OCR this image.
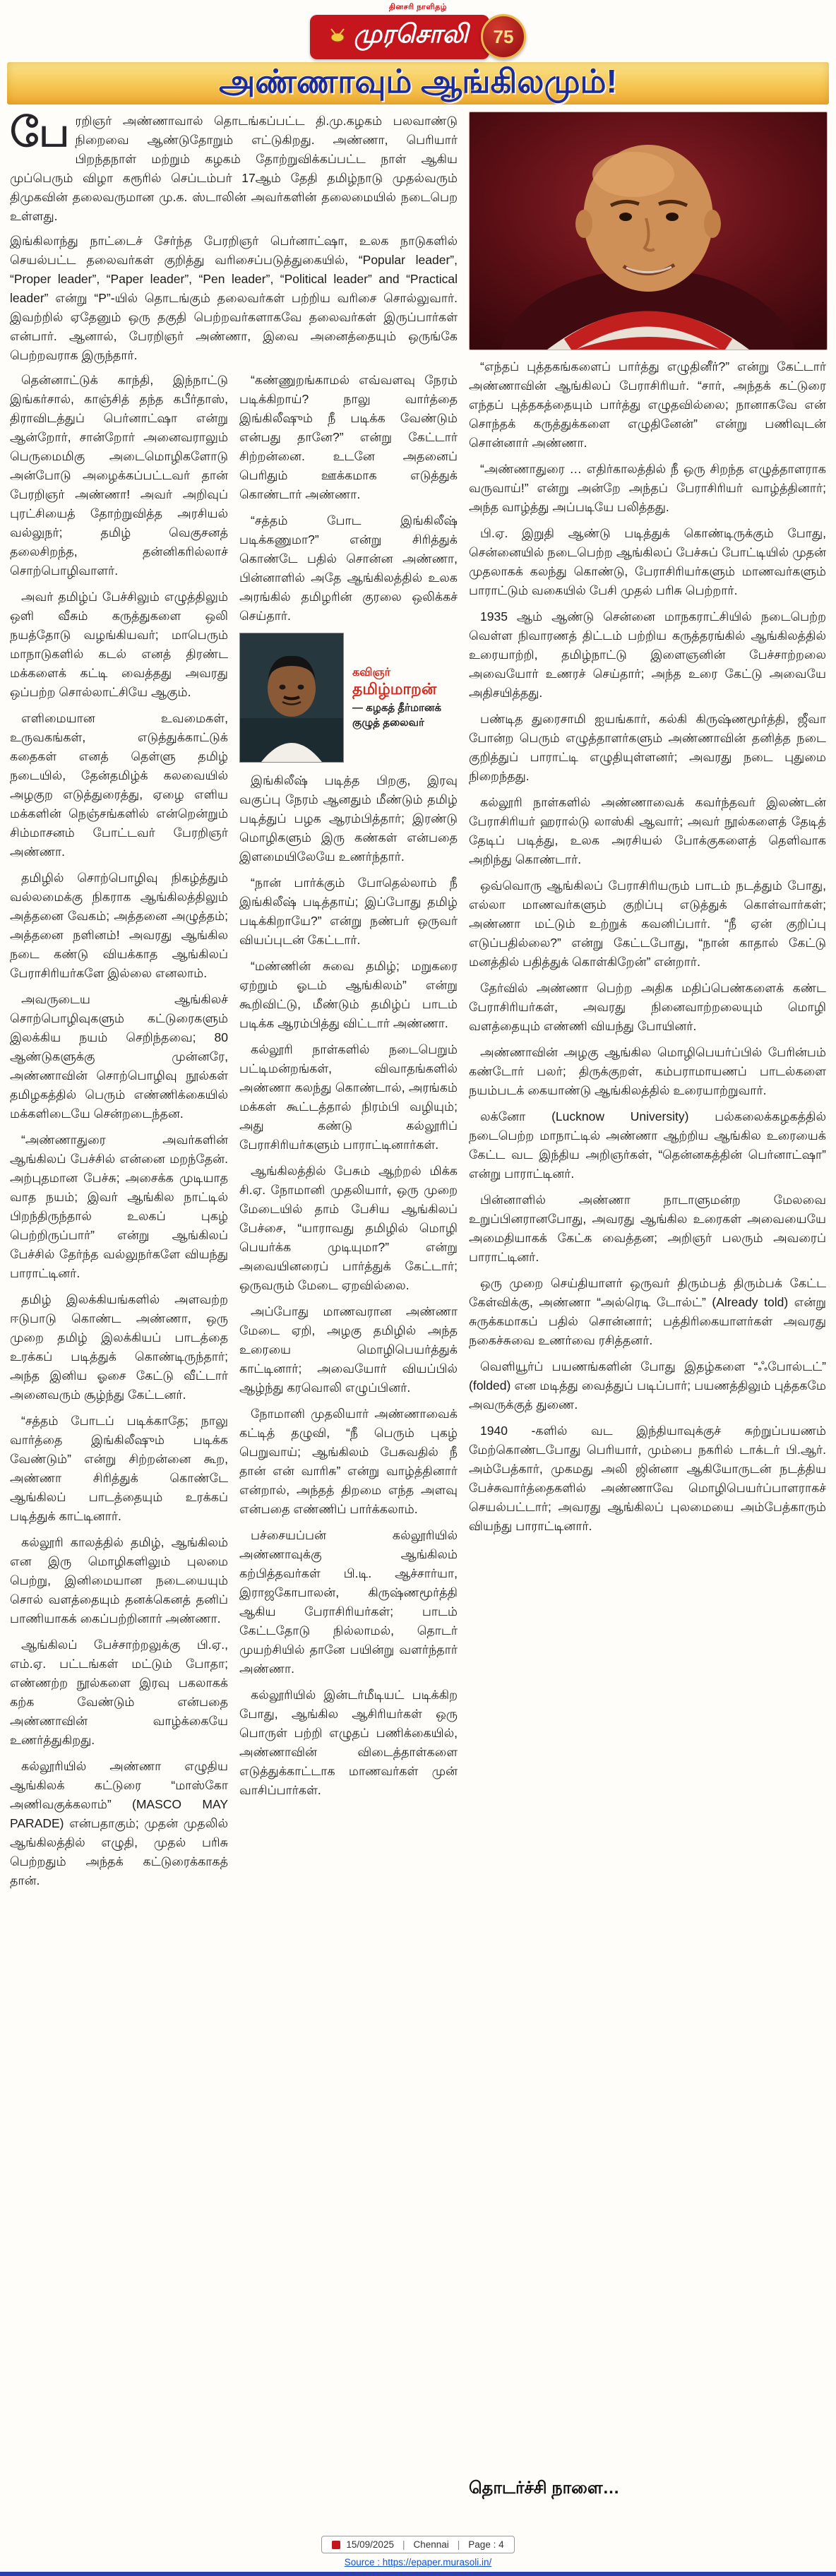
தினசரி நாளிதழ்
முரசொலி	75
அண்ணாவும் ஆங்கிலமும்!

பேரறிஞர் அண்ணாவால் தொடங்கப்பட்ட தி.மு.கழகம் பலவாண்டு நிறைவை ஆண்டுதோறும் எட்டுகிறது. அண்ணா, பெரியார் பிறந்தநாள் மற்றும் கழகம் தோற்றுவிக்கப்பட்ட நாள் ஆகிய முப்பெரும் விழா கரூரில் செப்டம்பர் 17ஆம் தேதி தமிழ்நாடு முதல்வரும் திமுகவின் தலைவருமான மு.க. ஸ்டாலின் அவர்களின் தலைமையில் நடைபெற உள்ளது.

இங்கிலாந்து நாட்டைச் சேர்ந்த பேரறிஞர் பெர்னாட்ஷா, உலக நாடுகளில் செயல்பட்ட தலைவர்கள் குறித்து வரிசைப்படுத்துகையில், “Popular leader”, “Proper leader”, “Paper leader”, “Pen leader”, “Political leader” and “Practical leader” என்று “P”-யில் தொடங்கும் தலைவர்கள் பற்றிய வரிசை சொல்லுவார். இவற்றில் ஏதேனும் ஒரு தகுதி பெற்றவர்களாகவே தலைவர்கள் இருப்பார்கள் என்பார். ஆனால், பேரறிஞர் அண்ணா, இவை அனைத்தையும் ஒருங்கே பெற்றவராக இருந்தார்.

தென்னாட்டுக் காந்தி, இந்நாட்டு இங்கர்சால், காஞ்சித் தந்த கபீர்தாஸ், திராவிடத்துப் பெர்னாட்ஷா என்று ஆன்றோர், சான்றோர் அனைவராலும் பெருமைமிகு அடைமொழிகளோடு அன்போடு அழைக்கப்பட்டவர் தான் பேரறிஞர் அண்ணா! அவர் அறிவுப் புரட்சியைத் தோற்றுவித்த அரசியல் வல்லுநர்; தமிழ் வெகுசனத் தலைசிறந்த, தன்னிகரில்லாச் சொற்பொழிவாளர்.

அவர் தமிழ்ப் பேச்சிலும் எழுத்திலும் ஒளி வீசும் கருத்துகளை ஒலி நயத்தோடு வழங்கியவர்; மாபெரும் மாநாடுகளில் கடல் எனத் திரண்ட மக்களைக் கட்டி வைத்தது அவரது ஒப்பற்ற சொல்லாட்சியே ஆகும்.

எளிமையான உவமைகள், உருவகங்கள், எடுத்துக்காட்டுக் கதைகள் எனத் தெள்ளு தமிழ் நடையில், தேன்தமிழ்க் கலவையில் அழகுற எடுத்துரைத்து, ஏழை எளிய மக்களின் நெஞ்சங்களில் என்றென்றும் சிம்மாசனம் போட்டவர் பேரறிஞர் அண்ணா.

தமிழில் சொற்பொழிவு நிகழ்த்தும் வல்லமைக்கு நிகராக ஆங்கிலத்திலும் அத்தனை வேகம்; அத்தனை அழுத்தம்; அத்தனை நளினம்! அவரது ஆங்கில நடை கண்டு வியக்காத ஆங்கிலப் பேராசிரியர்களே இல்லை எனலாம்.

அவருடைய ஆங்கிலச் சொற்பொழிவுகளும் கட்டுரைகளும் இலக்கிய நயம் செறிந்தவை; 80 ஆண்டுகளுக்கு முன்னரே, அண்ணாவின் சொற்பொழிவு நூல்கள் தமிழகத்தில் பெரும் எண்ணிக்கையில் மக்களிடையே சென்றடைந்தன.

“அண்ணாதுரை அவர்களின் ஆங்கிலப் பேச்சில் என்னை மறந்தேன். அற்புதமான பேச்சு; அசைக்க முடியாத வாத நயம்; இவர் ஆங்கில நாட்டில் பிறந்திருந்தால் உலகப் புகழ் பெற்றிருப்பார்” என்று ஆங்கிலப் பேச்சில் தேர்ந்த வல்லுநர்களே வியந்து பாராட்டினர்.

தமிழ் இலக்கியங்களில் அளவற்ற ஈடுபாடு கொண்ட அண்ணா, ஒரு முறை தமிழ் இலக்கியப் பாடத்தை உரக்கப் படித்துக் கொண்டிருந்தார்; அந்த இனிய ஓசை கேட்டு வீட்டார் அனைவரும் சூழ்ந்து கேட்டனர்.

“சத்தம் போடப் படிக்காதே; நாலு வார்த்தை இங்கிலீஷும் படிக்க வேண்டும்” என்று சிற்றன்னை கூற, அண்ணா சிரித்துக் கொண்டே ஆங்கிலப் பாடத்தையும் உரக்கப் படித்துக் காட்டினார்.

கல்லூரி காலத்தில் தமிழ், ஆங்கிலம் என இரு மொழிகளிலும் புலமை பெற்று, இனிமையான நடையையும் சொல் வளத்தையும் தனக்கெனத் தனிப் பாணியாகக் கைப்பற்றினார் அண்ணா.

ஆங்கிலப் பேச்சாற்றலுக்கு பி.ஏ., எம்.ஏ. பட்டங்கள் மட்டும் போதா; எண்ணற்ற நூல்களை இரவு பகலாகக் கற்க வேண்டும் என்பதை அண்ணாவின் வாழ்க்கையே உணர்த்துகிறது.

கல்லூரியில் அண்ணா எழுதிய ஆங்கிலக் கட்டுரை “மாஸ்கோ அணிவகுக்கலாம்” (MASCO MAY PARADE) என்பதாகும்; முதன் முதலில் ஆங்கிலத்தில் எழுதி, முதல் பரிசு பெற்றதும் அந்தக் கட்டுரைக்காகத் தான்.

“கண்ணுறங்காமல் எவ்வளவு நேரம் படிக்கிறாய்? நாலு வார்த்தை இங்கிலீஷும் நீ படிக்க வேண்டும் என்பது தானே?” என்று கேட்டார் சிற்றன்னை. உடனே அதனைப் பெரிதும் ஊக்கமாக எடுத்துக் கொண்டார் அண்ணா.

“சத்தம் போட இங்கிலீஷ் படிக்கணுமா?” என்று சிரித்துக் கொண்டே பதில் சொன்ன அண்ணா, பின்னாளில் அதே ஆங்கிலத்தில் உலக அரங்கில் தமிழரின் குரலை ஒலிக்கச் செய்தார்.

கவிஞர்
தமிழ்மாறன்
— கழகத் தீர்மானக்
குழுத் தலைவர்

இங்கிலீஷ் படித்த பிறகு, இரவு வகுப்பு நேரம் ஆனதும் மீண்டும் தமிழ் படித்துப் பழக ஆரம்பித்தார்; இரண்டு மொழிகளும் இரு கண்கள் என்பதை இளமையிலேயே உணர்ந்தார்.

“நான் பார்க்கும் போதெல்லாம் நீ இங்கிலீஷ் படித்தாய்; இப்போது தமிழ் படிக்கிறாயே?” என்று நண்பர் ஒருவர் வியப்புடன் கேட்டார்.

“மண்ணின் சுவை தமிழ்; மறுகரை ஏற்றும் ஓடம் ஆங்கிலம்” என்று கூறிவிட்டு, மீண்டும் தமிழ்ப் பாடம் படிக்க ஆரம்பித்து விட்டார் அண்ணா.

கல்லூரி நாள்களில் நடைபெறும் பட்டிமன்றங்கள், விவாதங்களில் அண்ணா கலந்து கொண்டால், அரங்கம் மக்கள் கூட்டத்தால் நிரம்பி வழியும்; அது கண்டு கல்லூரிப் பேராசிரியர்களும் பாராட்டினார்கள்.

ஆங்கிலத்தில் பேசும் ஆற்றல் மிக்க சி.ஏ. நோமானி முதலியார், ஒரு முறை மேடையில் தாம் பேசிய ஆங்கிலப் பேச்சை, “யாராவது தமிழில் மொழி பெயர்க்க முடியுமா?” என்று அவையினரைப் பார்த்துக் கேட்டார்; ஒருவரும் மேடை ஏறவில்லை.

அப்போது மாணவரான அண்ணா மேடை ஏறி, அழகு தமிழில் அந்த உரையை மொழிபெயர்த்துக் காட்டினார்; அவையோர் வியப்பில் ஆழ்ந்து கரவொலி எழுப்பினர்.

நோமானி முதலியார் அண்ணாவைக் கட்டித் தழுவி, “நீ பெரும் புகழ் பெறுவாய்; ஆங்கிலம் பேசுவதில் நீ தான் என் வாரிசு” என்று வாழ்த்தினார் என்றால், அந்தத் திறமை எந்த அளவு என்பதை எண்ணிப் பார்க்கலாம்.

பச்சையப்பன் கல்லூரியில் அண்ணாவுக்கு ஆங்கிலம் கற்பித்தவர்கள் பி.டி. ஆச்சார்யா, இராஜகோபாலன், கிருஷ்ணமூர்த்தி ஆகிய பேராசிரியர்கள்; பாடம் கேட்டதோடு நில்லாமல், தொடர் முயற்சியில் தானே பயின்று வளர்ந்தார் அண்ணா.

கல்லூரியில் இன்டர்மீடியட் படிக்கிற போது, ஆங்கில ஆசிரியர்கள் ஒரு பொருள் பற்றி எழுதப் பணிக்கையில், அண்ணாவின் விடைத்தாள்களை எடுத்துக்காட்டாக மாணவர்கள் முன் வாசிப்பார்கள்.

“எந்தப் புத்தகங்களைப் பார்த்து எழுதினீர்?” என்று கேட்டார் அண்ணாவின் ஆங்கிலப் பேராசிரியர். “சார், அந்தக் கட்டுரை எந்தப் புத்தகத்தையும் பார்த்து எழுதவில்லை; நானாகவே என் சொந்தக் கருத்துக்களை எழுதினேன்” என்று பணிவுடன் சொன்னார் அண்ணா.

“அண்ணாதுரை … எதிர்காலத்தில் நீ ஒரு சிறந்த எழுத்தாளராக வருவாய்!” என்று அன்றே அந்தப் பேராசிரியர் வாழ்த்தினார்; அந்த வாழ்த்து அப்படியே பலித்தது.

பி.ஏ. இறுதி ஆண்டு படித்துக் கொண்டிருக்கும் போது, சென்னையில் நடைபெற்ற ஆங்கிலப் பேச்சுப் போட்டியில் முதன் முதலாகக் கலந்து கொண்டு, பேராசிரியர்களும் மாணவர்களும் பாராட்டும் வகையில் பேசி முதல் பரிசு பெற்றார்.

1935 ஆம் ஆண்டு சென்னை மாநகராட்சியில் நடைபெற்ற வெள்ள நிவாரணத் திட்டம் பற்றிய கருத்தரங்கில் ஆங்கிலத்தில் உரையாற்றி, தமிழ்நாட்டு இளைஞனின் பேச்சாற்றலை அவையோர் உணரச் செய்தார்; அந்த உரை கேட்டு அவையே அதிசயித்தது.

பண்டித துரைசாமி ஐயங்கார், கல்கி கிருஷ்ணமூர்த்தி, ஜீவா போன்ற பெரும் எழுத்தாளர்களும் அண்ணாவின் தனித்த நடை குறித்துப் பாராட்டி எழுதியுள்ளனர்; அவரது நடை புதுமை நிறைந்தது.

கல்லூரி நாள்களில் அண்ணாவைக் கவர்ந்தவர் இலண்டன் பேராசிரியர் ஹரால்டு லாஸ்கி ஆவார்; அவர் நூல்களைத் தேடித் தேடிப் படித்து, உலக அரசியல் போக்குகளைத் தெளிவாக அறிந்து கொண்டார்.

ஒவ்வொரு ஆங்கிலப் பேராசிரியரும் பாடம் நடத்தும் போது, எல்லா மாணவர்களும் குறிப்பு எடுத்துக் கொள்வார்கள்; அண்ணா மட்டும் உற்றுக் கவனிப்பார். “நீ ஏன் குறிப்பு எடுப்பதில்லை?” என்று கேட்டபோது, “நான் காதால் கேட்டு மனத்தில் பதித்துக் கொள்கிறேன்” என்றார்.

தேர்வில் அண்ணா பெற்ற அதிக மதிப்பெண்களைக் கண்ட பேராசிரியர்கள், அவரது நினைவாற்றலையும் மொழி வளத்தையும் எண்ணி வியந்து போயினர்.

அண்ணாவின் அழகு ஆங்கில மொழிபெயர்ப்பில் பேரின்பம் கண்டோர் பலர்; திருக்குறள், கம்பராமாயணப் பாடல்களை நயம்படக் கையாண்டு ஆங்கிலத்தில் உரையாற்றுவார்.

லக்னோ (Lucknow University) பல்கலைக்கழகத்தில் நடைபெற்ற மாநாட்டில் அண்ணா ஆற்றிய ஆங்கில உரையைக் கேட்ட வட இந்திய அறிஞர்கள், “தென்னகத்தின் பெர்னாட்ஷா” என்று பாராட்டினர்.

பின்னாளில் அண்ணா நாடாளுமன்ற மேலவை உறுப்பினரானபோது, அவரது ஆங்கில உரைகள் அவையையே அமைதியாகக் கேட்க வைத்தன; அறிஞர் பலரும் அவரைப் பாராட்டினர்.

ஒரு முறை செய்தியாளர் ஒருவர் திரும்பத் திரும்பக் கேட்ட கேள்விக்கு, அண்ணா “அல்ரெடி டோல்ட்” (Already told) என்று சுருக்கமாகப் பதில் சொன்னார்; பத்திரிகையாளர்கள் அவரது நகைச்சுவை உணர்வை ரசித்தனர்.

வெளியூர்ப் பயணங்களின் போது இதழ்களை “ஃபோல்டட்” (folded) என மடித்து வைத்துப் படிப்பார்; பயணத்திலும் புத்தகமே அவருக்குத் துணை.

1940 -களில் வட இந்தியாவுக்குச் சுற்றுப்பயணம் மேற்கொண்டபோது பெரியார், மும்பை நகரில் டாக்டர் பி.ஆர். அம்பேத்கார், முகமது அலி ஜின்னா ஆகியோருடன் நடத்திய பேச்சுவார்த்தைகளில் அண்ணாவே மொழிபெயர்ப்பாளராகச் செயல்பட்டார்; அவரது ஆங்கிலப் புலமையை அம்பேத்காரும் வியந்து பாராட்டினார்.

தொடர்ச்சி நாளை…
15/09/2025 | Chennai | Page : 4
Source : https://epaper.murasoli.in/
